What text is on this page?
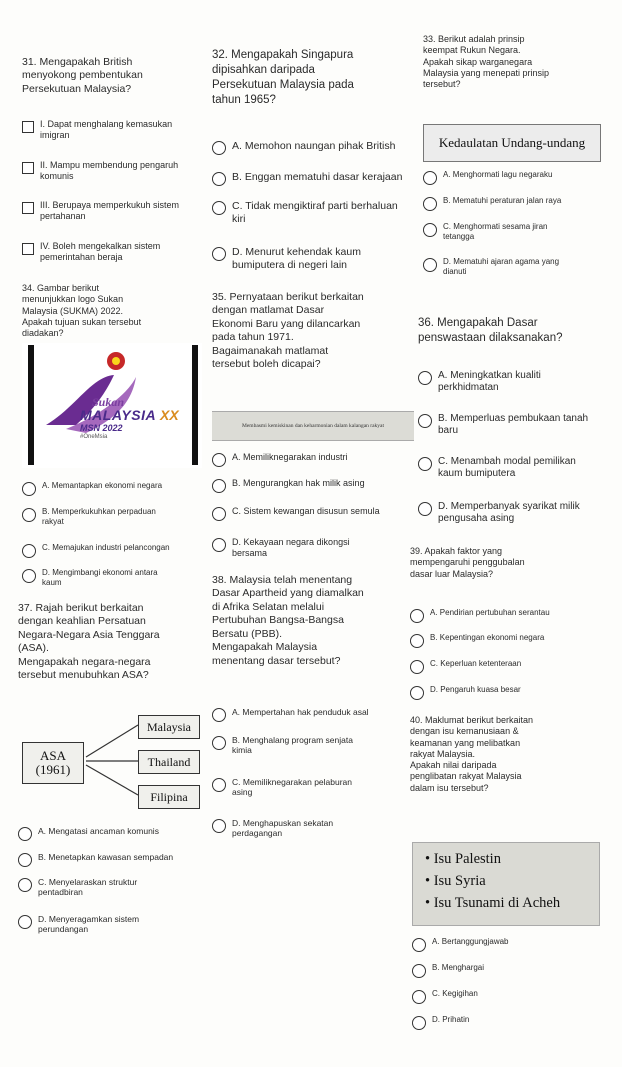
31. Mengapakah British
menyokong pembentukan
Persekutuan Malaysia?
I. Dapat menghalang kemasukan
imigran
II. Mampu membendung pengaruh
komunis
III. Berupaya memperkukuh sistem
pertahanan
IV. Boleh mengekalkan sistem
pemerintahan beraja
32. Mengapakah Singapura
dipisahkan daripada
Persekutuan Malaysia pada
tahun 1965?
A. Memohon naungan pihak British
B. Enggan mematuhi dasar kerajaan
C. Tidak mengiktiraf parti berhaluan
kiri
D. Menurut kehendak kaum
bumiputera di negeri lain
33. Berikut adalah prinsip
keempat Rukun Negara.
Apakah sikap warganegara
Malaysia yang menepati prinsip
tersebut?
Kedaulatan Undang-undang
A. Menghormati lagu negaraku
B. Mematuhi peraturan jalan raya
C. Menghormati sesama jiran
tetangga
D. Mematuhi ajaran agama yang
dianuti
34. Gambar berikut
menunjukkan logo Sukan
Malaysia (SUKMA) 2022.
Apakah tujuan sukan tersebut
diadakan?
Sukan
MALAYSIA XX
MSN 2022
#OneMsia
A. Memantapkan ekonomi negara
B. Memperkukuhkan perpaduan
rakyat
C. Memajukan industri pelancongan
D. Mengimbangi ekonomi antara
kaum
35. Pernyataan berikut berkaitan
dengan matlamat Dasar
Ekonomi Baru yang dilancarkan
pada tahun 1971.
Bagaimanakah matlamat
tersebut boleh dicapai?
Membasmi kemiskinan dan keharmonian dalam kalangan rakyat
A. Memiliknegarakan industri
B. Mengurangkan hak milik asing
C. Sistem kewangan disusun semula
D. Kekayaan negara dikongsi
bersama
36. Mengapakah Dasar
penswastaan dilaksanakan?
A. Meningkatkan kualiti
perkhidmatan
B. Memperluas pembukaan tanah
baru
C. Menambah modal pemilikan
kaum bumiputera
D. Memperbanyak syarikat milik
pengusaha asing
37. Rajah berikut berkaitan
dengan keahlian Persatuan
Negara-Negara Asia Tenggara
(ASA).
Mengapakah negara-negara
tersebut menubuhkan ASA?
ASA
(1961)
Malaysia
Thailand
Filipina
A. Mengatasi ancaman komunis
B. Menetapkan kawasan sempadan
C. Menyelaraskan struktur
pentadbiran
D. Menyeragamkan sistem
perundangan
38. Malaysia telah menentang
Dasar Apartheid yang diamalkan
di Afrika Selatan melalui
Pertubuhan Bangsa-Bangsa
Bersatu (PBB).
Mengapakah Malaysia
menentang dasar tersebut?
A. Mempertahan hak penduduk asal
B. Menghalang program senjata
kimia
C. Memiliknegarakan pelaburan
asing
D. Menghapuskan sekatan
perdagangan
39. Apakah faktor yang
mempengaruhi penggubalan
dasar luar Malaysia?
A. Pendirian pertubuhan serantau
B. Kepentingan ekonomi negara
C. Keperluan ketenteraan
D. Pengaruh kuasa besar
40. Maklumat berikut berkaitan
dengan isu kemanusiaan &
keamanan yang melibatkan
rakyat Malaysia.
Apakah nilai daripada
penglibatan rakyat Malaysia
dalam isu tersebut?
• Isu Palestin
• Isu Syria
• Isu Tsunami di Acheh
A. Bertanggungjawab
B. Menghargai
C. Kegigihan
D. Prihatin
